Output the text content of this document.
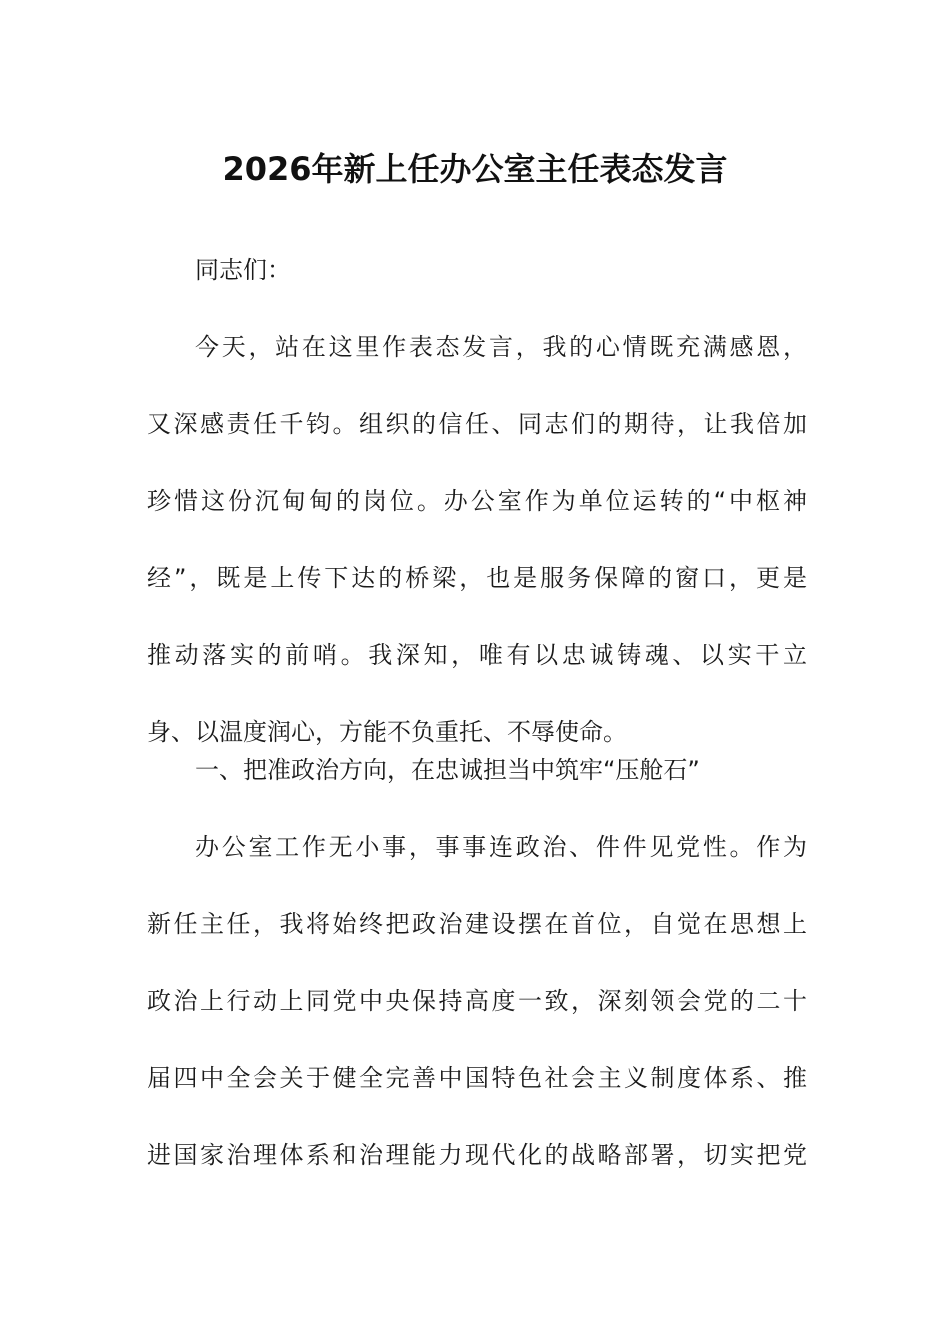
2026年新上任办公室主任表态发言
同志们：
今天，站在这里作表态发言，我的心情既充满感恩，
又深感责任千钧。组织的信任、同志们的期待，让我倍加
珍惜这份沉甸甸的岗位。办公室作为单位运转的“中枢神
经”，既是上传下达的桥梁，也是服务保障的窗口，更是
推动落实的前哨。我深知，唯有以忠诚铸魂、以实干立
身、以温度润心，方能不负重托、不辱使命。
一、把准政治方向，在忠诚担当中筑牢“压舱石”
办公室工作无小事，事事连政治、件件见党性。作为
新任主任，我将始终把政治建设摆在首位，自觉在思想上
政治上行动上同党中央保持高度一致，深刻领会党的二十
届四中全会关于健全完善中国特色社会主义制度体系、推
进国家治理体系和治理能力现代化的战略部署，切实把党
